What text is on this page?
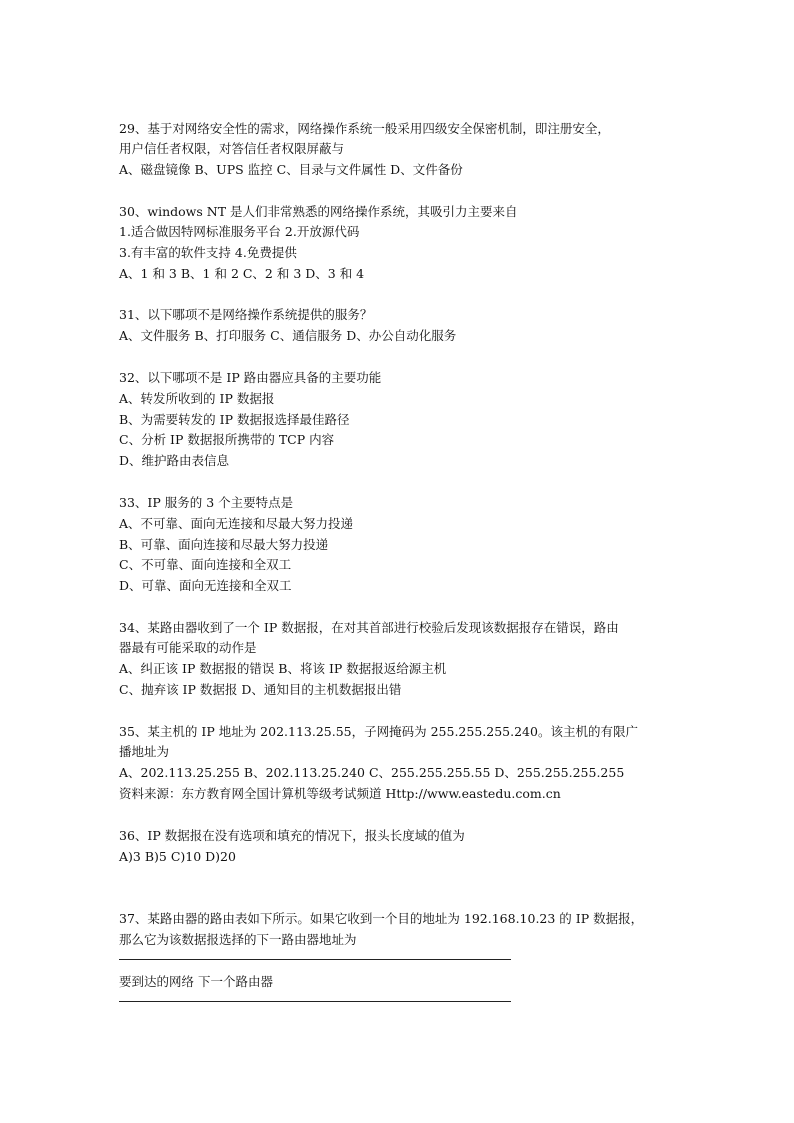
29、基于对网络安全性的需求，网络操作系统一般采用四级安全保密机制，即注册安全，
用户信任者权限，对答信任者权限屏蔽与
A、磁盘镜像 B、UPS 监控 C、目录与文件属性 D、文件备份
30、windows NT 是人们非常熟悉的网络操作系统，其吸引力主要来自
1.适合做因特网标准服务平台 2.开放源代码
3.有丰富的软件支持 4.免费提供
A、1 和 3 B、1 和 2 C、2 和 3 D、3 和 4
31、以下哪项不是网络操作系统提供的服务？
A、文件服务 B、打印服务 C、通信服务 D、办公自动化服务
32、以下哪项不是 IP 路由器应具备的主要功能
A、转发所收到的 IP 数据报
B、为需要转发的 IP 数据报选择最佳路径
C、分析 IP 数据报所携带的 TCP 内容
D、维护路由表信息
33、IP 服务的 3 个主要特点是
A、不可靠、面向无连接和尽最大努力投递
B、可靠、面向连接和尽最大努力投递
C、不可靠、面向连接和全双工
D、可靠、面向无连接和全双工
34、某路由器收到了一个 IP 数据报，在对其首部进行校验后发现该数据报存在错误，路由
器最有可能采取的动作是
A、纠正该 IP 数据报的错误 B、将该 IP 数据报返给源主机
C、抛弃该 IP 数据报 D、通知目的主机数据报出错
35、某主机的 IP 地址为 202.113.25.55，子网掩码为 255.255.255.240。该主机的有限广
播地址为
A、202.113.25.255 B、202.113.25.240 C、255.255.255.55 D、255.255.255.255
资料来源：东方教育网全国计算机等级考试频道 Http://www.eastedu.com.cn
36、IP 数据报在没有选项和填充的情况下，报头长度域的值为
A)3 B)5 C)10 D)20
37、某路由器的路由表如下所示。如果它收到一个目的地址为 192.168.10.23 的 IP 数据报，
那么它为该数据报选择的下一路由器地址为
要到达的网络 下一个路由器
